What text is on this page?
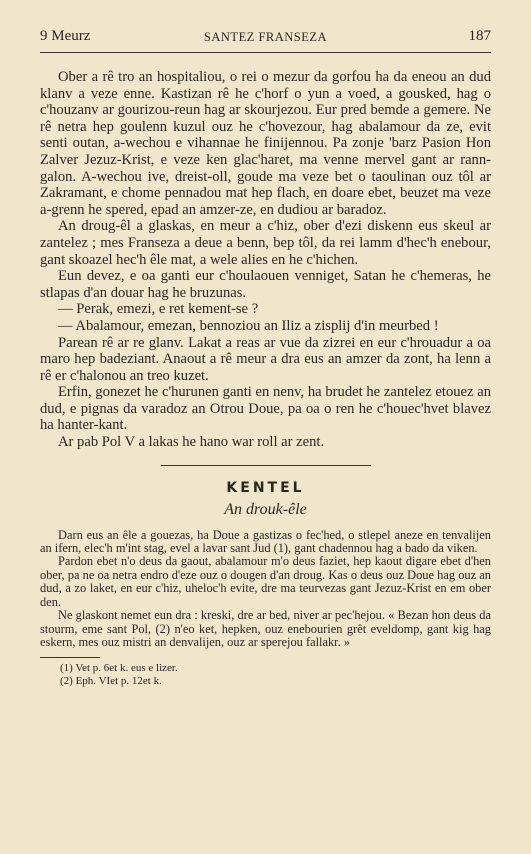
9 Meurz	SANTEZ FRANSEZA	187

Ober a rê tro an hospitaliou, o rei o mezur da gorfou ha da eneou an dud klanv a veze enne. Kastizan rê he c'horf o yun a voed, a gousked, hag o c'houzanv ar gourizou-reun hag ar skourjezou. Eur pred bemde a gemere. Ne rê netra hep goulenn kuzul ouz he c'hovezour, hag abalamour da ze, evit senti outan, a-wechou e vihannae he finijennou. Pa zonje 'barz Pasion Hon Zalver Jezuz-Krist, e veze ken glac'haret, ma venne mervel gant ar rann-galon. A-wechou ive, dreist-oll, goude ma veze bet o taoulinan ouz tôl ar Zakramant, e chome pennadou mat hep flach, en doare ebet, beuzet ma veze a-grenn he spered, epad an amzer-ze, en dudiou ar baradoz.

An droug-êl a glaskas, en meur a c'hiz, ober d'ezi diskenn eus skeul ar zantelez ; mes Franseza a deue a benn, bep tôl, da rei lamm d'hec'h enebour, gant skoazel hec'h êle mat, a wele alies en he c'hichen.

Eun devez, e oa ganti eur c'houlaouen venniget, Satan he c'hemeras, he stlapas d'an douar hag he bruzunas.

— Perak, emezi, e ret kement-se ?

— Abalamour, emezan, bennoziou an Iliz a zisplij d'in meurbed !

Parean rê ar re glanv. Lakat a reas ar vue da zizrei en eur c'hrouadur a oa maro hep badeziant. Anaout a rê meur a dra eus an amzer da zont, ha lenn a rê er c'halonou an treo kuzet.

Erfin, gonezet he c'hurunen ganti en nenv, ha brudet he zantelez etouez an dud, e pignas da varadoz an Otrou Doue, pa oa o ren he c'houec'hvet blavez ha hanter-kant.

Ar pab Pol V a lakas he hano war roll ar zent.

KENTEL
An drouk-êle

Darn eus an êle a gouezas, ha Doue a gastizas o fec'hed, o stlepel aneze en tenvalijen an ifern, elec'h m'int stag, evel a lavar sant Jud (1), gant chadennou hag a bado da viken.

Pardon ebet n'o deus da gaout, abalamour m'o deus faziet, hep kaout digare ebet d'hen ober, pa ne oa netra endro d'eze ouz o dougen d'an droug. Kas o deus ouz Doue hag ouz an dud, a zo laket, en eur c'hiz, uheloc'h evite, dre ma teurvezas gant Jezuz-Krist en em ober den.

Ne glaskont nemet eun dra : kreski, dre ar bed, niver ar pec'hejou. « Bezan hon deus da stourm, eme sant Pol, (2) n'eo ket, hepken, ouz enebourien grêt eveldomp, gant kig hag eskern, mes ouz mistri an denvalijen, ouz ar sperejou fallakr. »

(1) Vet p. 6et k. eus e lizer.
(2) Eph. VIet p. 12et k.
